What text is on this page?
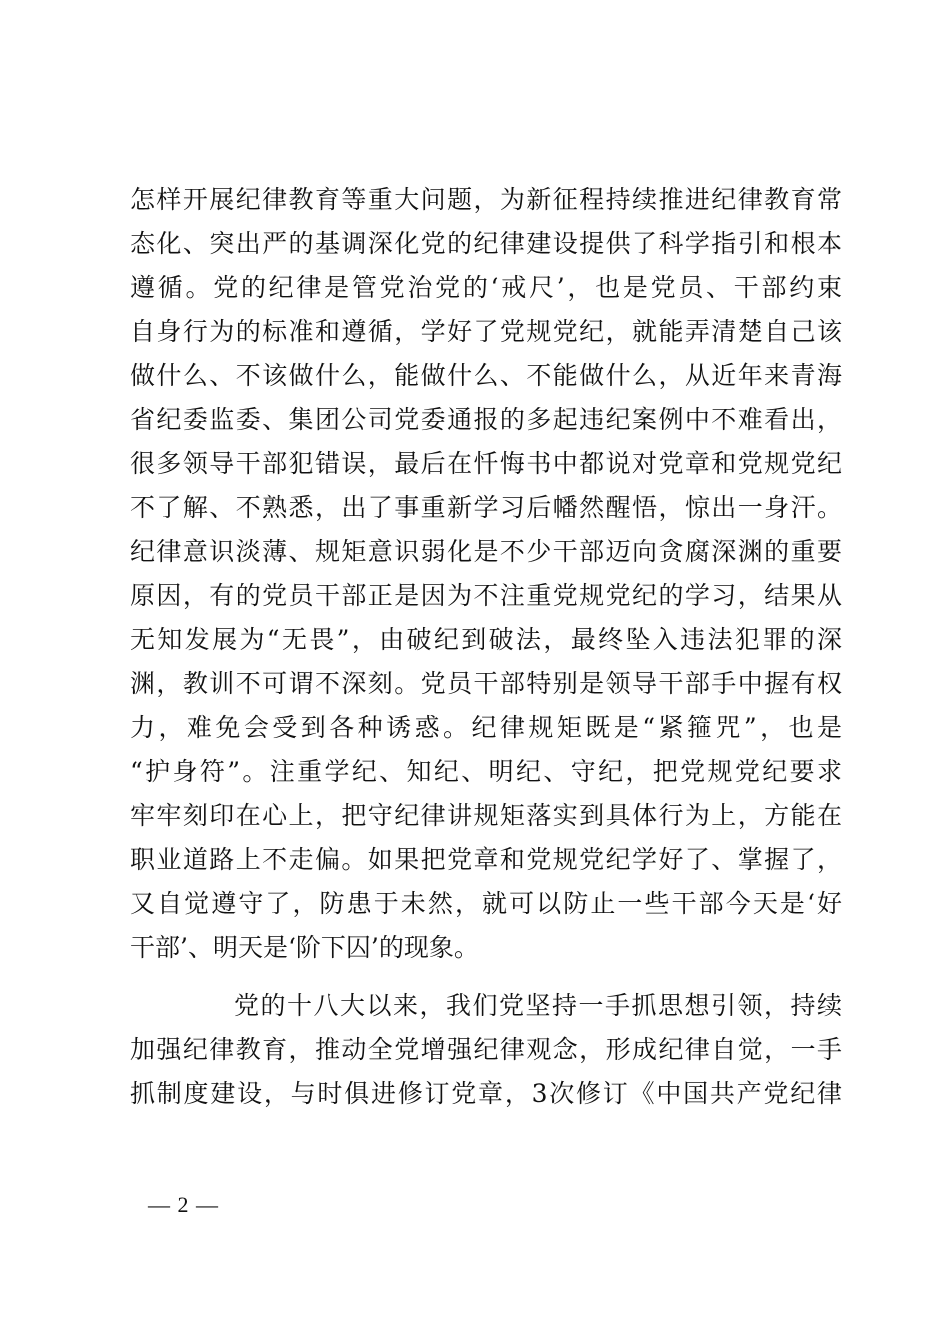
怎样开展纪律教育等重大问题，为新征程持续推进纪律教育常
态化、突出严的基调深化党的纪律建设提供了科学指引和根本
遵循。党的纪律是管党治党的‘戒尺’，也是党员、干部约束
自身行为的标准和遵循，学好了党规党纪，就能弄清楚自己该
做什么、不该做什么，能做什么、不能做什么，从近年来青海
省纪委监委、集团公司党委通报的多起违纪案例中不难看出，
很多领导干部犯错误，最后在忏悔书中都说对党章和党规党纪
不了解、不熟悉，出了事重新学习后幡然醒悟，惊出一身汗。
纪律意识淡薄、规矩意识弱化是不少干部迈向贪腐深渊的重要
原因，有的党员干部正是因为不注重党规党纪的学习，结果从
无知发展为“无畏”，由破纪到破法，最终坠入违法犯罪的深
渊，教训不可谓不深刻。党员干部特别是领导干部手中握有权
力，难免会受到各种诱惑。纪律规矩既是“紧箍咒”，也是
“护身符”。注重学纪、知纪、明纪、守纪，把党规党纪要求
牢牢刻印在心上，把守纪律讲规矩落实到具体行为上，方能在
职业道路上不走偏。如果把党章和党规党纪学好了、掌握了，
又自觉遵守了，防患于未然，就可以防止一些干部今天是‘好
干部’、明天是‘阶下囚’的现象。
党的十八大以来，我们党坚持一手抓思想引领，持续
加强纪律教育，推动全党增强纪律观念，形成纪律自觉，一手
抓制度建设，与时俱进修订党章，3次修订《中国共产党纪律
— 2 —
